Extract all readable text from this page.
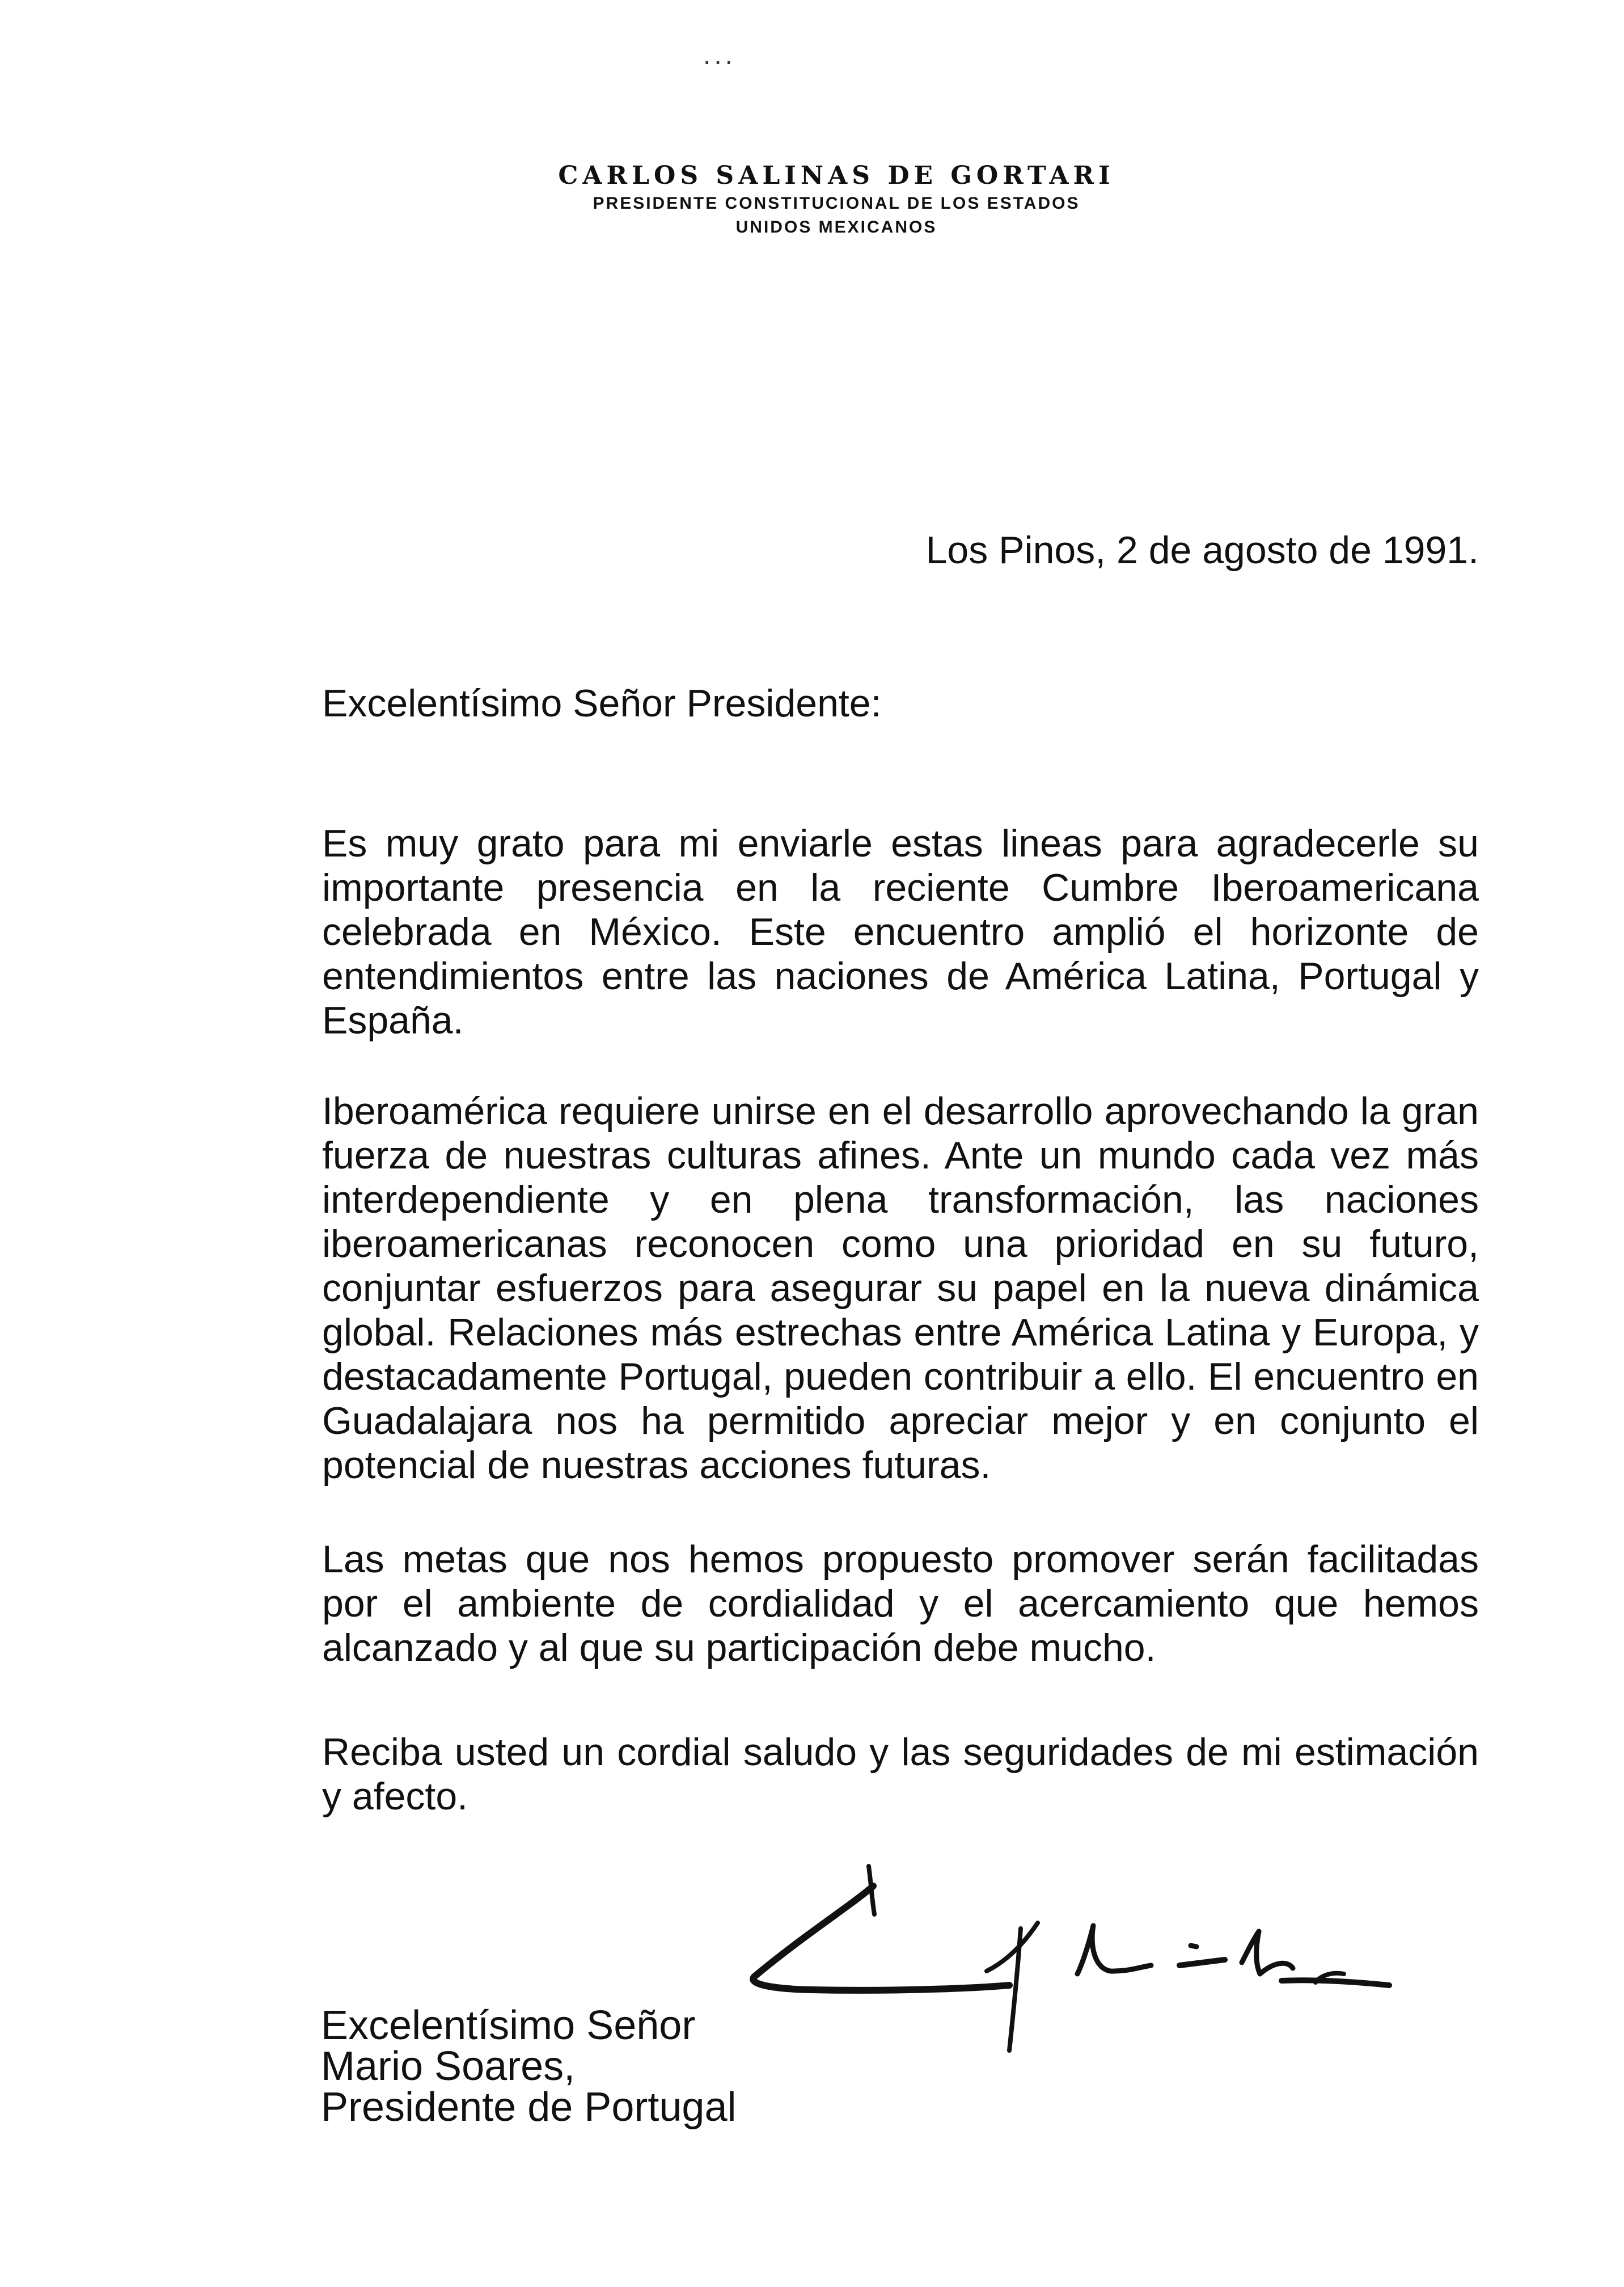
...
CARLOS SALINAS DE GORTARI
PRESIDENTE CONSTITUCIONAL DE LOS ESTADOS
UNIDOS MEXICANOS
Los Pinos, 2 de agosto de 1991.
Excelentísimo Señor Presidente:

Es muy grato para mi enviarle estas lineas para agradecerle su importante presencia en la reciente Cumbre Iberoamericana celebrada en México. Este encuentro amplió el horizonte de entendimientos entre las naciones de América Latina, Portugal y España.

Iberoamérica requiere unirse en el desarrollo aprovechando la gran fuerza de nuestras culturas afines. Ante un mundo cada vez más interdependiente y en plena transformación, las naciones iberoamericanas reconocen como una prioridad en su futuro, conjuntar esfuerzos para asegurar su papel en la nueva dinámica global. Relaciones más estrechas entre América Latina y Europa, y destacadamente Portugal, pueden contribuir a ello. El encuentro en Guadalajara nos ha permitido apreciar mejor y en conjunto el potencial de nuestras acciones futuras.

Las metas que nos hemos propuesto promover serán facilitadas por el ambiente de cordialidad y el acercamiento que hemos alcanzado y al que su participación debe mucho.

Reciba usted un cordial saludo y las seguridades de mi estimación y afecto.

Excelentísimo Señor
Mario Soares,
Presidente de Portugal
